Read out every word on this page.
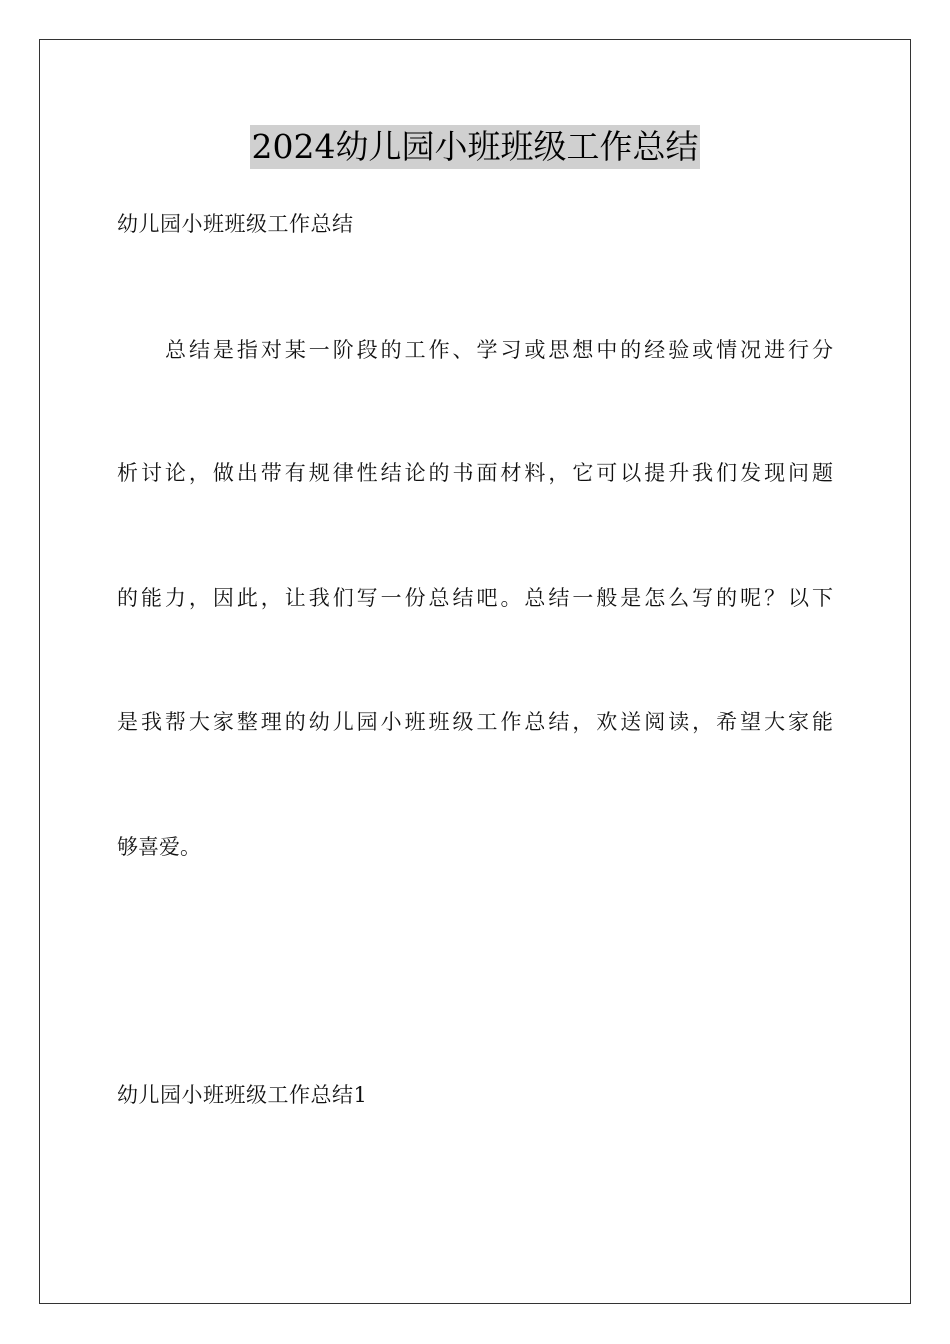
2024幼儿园小班班级工作总结

幼儿园小班班级工作总结

总结是指对某一阶段的工作、学习或思想中的经验或情况进行分
析讨论，做出带有规律性结论的书面材料，它可以提升我们发现问题
的能力，因此，让我们写一份总结吧。总结一般是怎么写的呢？以下
是我帮大家整理的幼儿园小班班级工作总结，欢送阅读，希望大家能
够喜爱。

幼儿园小班班级工作总结1
